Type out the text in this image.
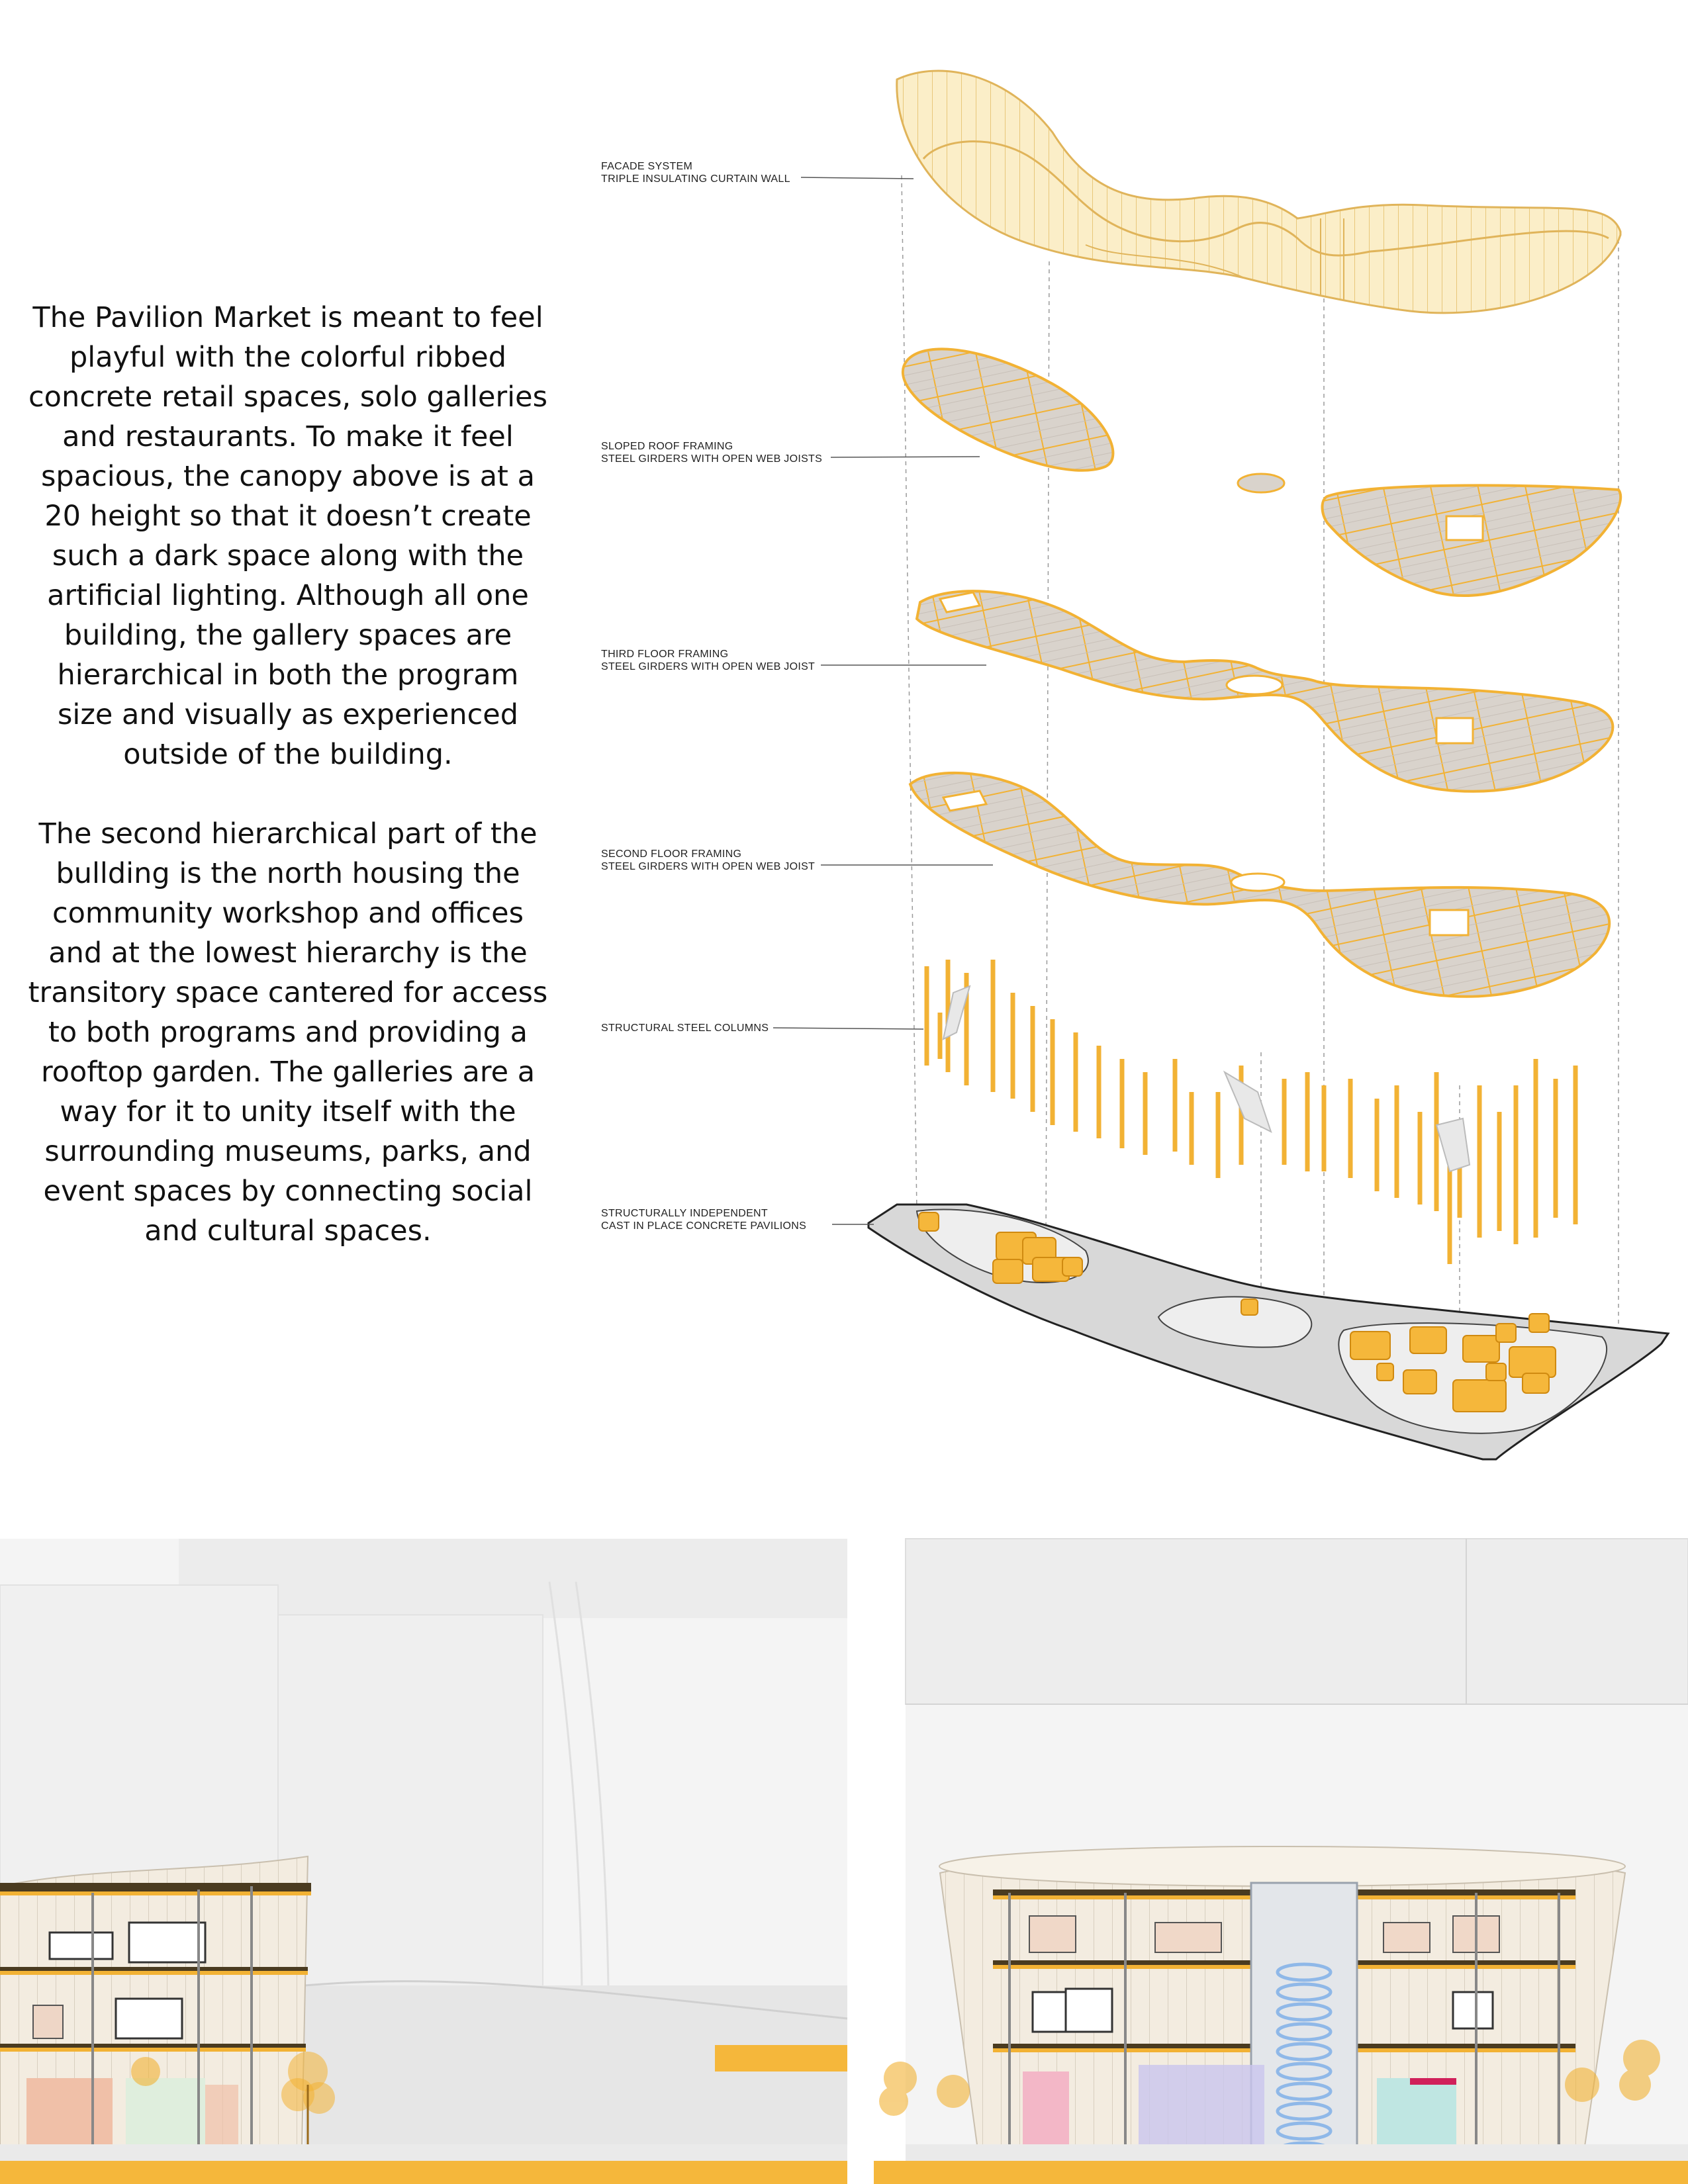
The Pavilion Market is meant to feel playful with the colorful ribbed concrete retail spaces, solo galleries and restaurants. To make it feel spacious, the canopy above is at a 20 height so that it doesn’t create such a dark space along with the artificial lighting. Although all one building, the gallery spaces are hierarchical in both the program size and visually as experienced outside of the building.

The second hierarchical part of the bullding is the north housing the community workshop and offices and at the lowest hierarchy is the transitory space cantered for access to both programs and providing a rooftop garden. The galleries are a way for it to unity itself with the surrounding museums, parks, and event spaces by connecting social and cultural spaces.

FACADE SYSTEM
TRIPLE INSULATING CURTAIN WALL
SLOPED ROOF FRAMING
STEEL GIRDERS WITH OPEN WEB JOISTS
THIRD FLOOR FRAMING
STEEL GIRDERS WITH OPEN WEB JOIST
SECOND FLOOR FRAMING
STEEL GIRDERS WITH OPEN WEB JOIST
STRUCTURAL STEEL COLUMNS
STRUCTURALLY INDEPENDENT
CAST IN PLACE CONCRETE PAVILIONS
